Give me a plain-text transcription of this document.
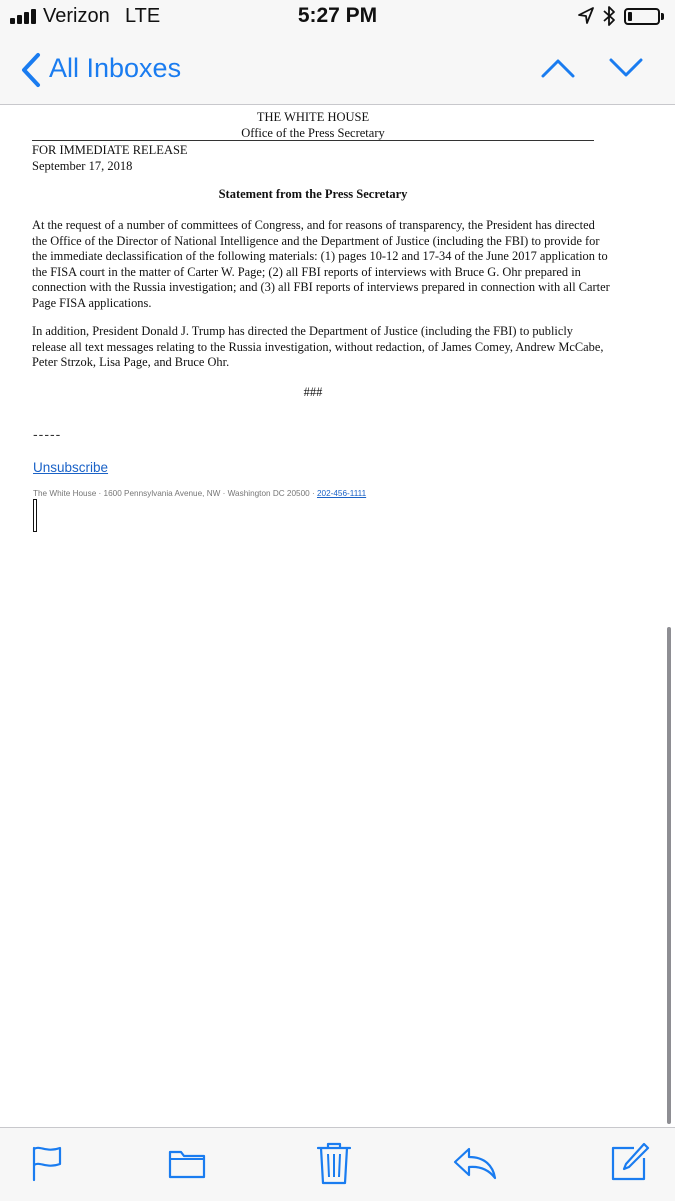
Verizon LTE	5:27 PM
All Inboxes
THE WHITE HOUSE
Office of the Press Secretary
FOR IMMEDIATE RELEASE
September 17, 2018
Statement from the Press Secretary
At the request of a number of committees of Congress, and for reasons of transparency, the President has directed
the Office of the Director of National Intelligence and the Department of Justice (including the FBI) to provide for
the immediate declassification of the following materials: (1) pages 10-12 and 17-34 of the June 2017 application to
the FISA court in the matter of Carter W. Page; (2) all FBI reports of interviews with Bruce G. Ohr prepared in
connection with the Russia investigation; and (3) all FBI reports of interviews prepared in connection with all Carter
Page FISA applications.
In addition, President Donald J. Trump has directed the Department of Justice (including the FBI) to publicly
release all text messages relating to the Russia investigation, without redaction, of James Comey, Andrew McCabe,
Peter Strzok, Lisa Page, and Bruce Ohr.
###
-----
Unsubscribe
The White House · 1600 Pennsylvania Avenue, NW · Washington DC 20500 · 202-456-1111
